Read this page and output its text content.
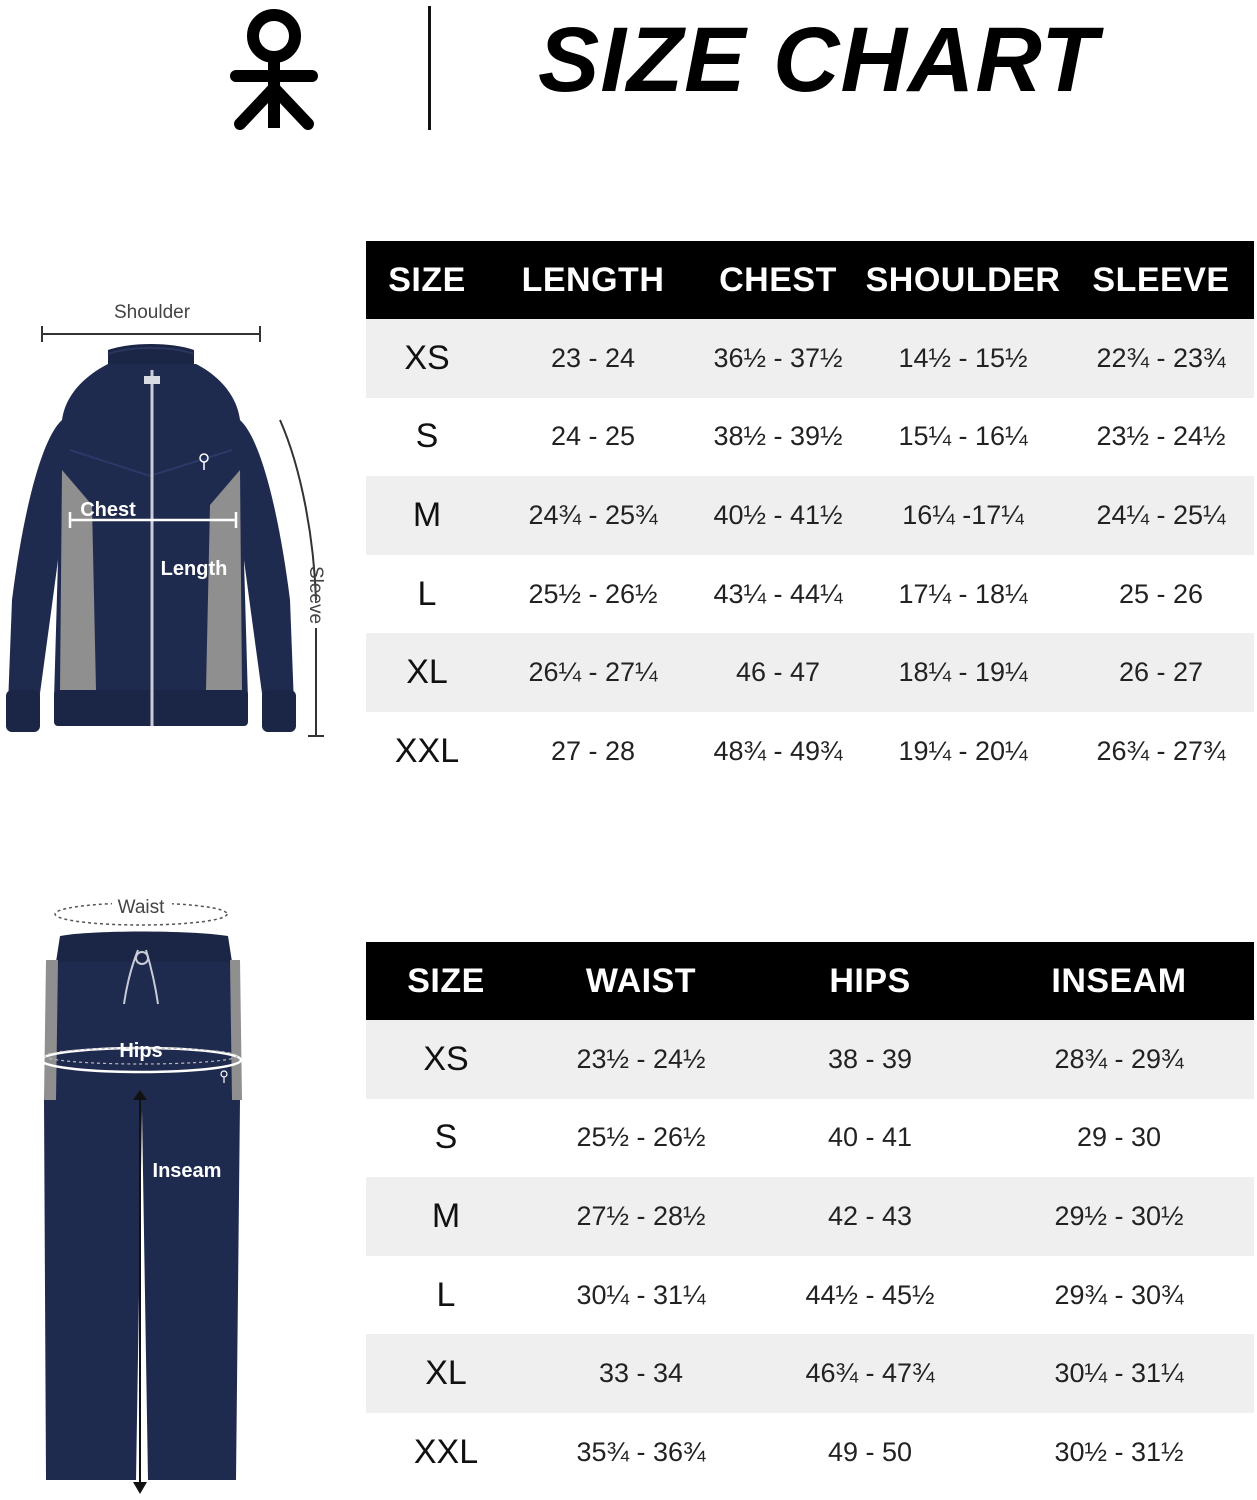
SIZE CHART
Shoulder
Chest
Length	Sleeve
Waist
Hips
Inseam
SIZE	LENGTH	CHEST	SHOULDER	SLEEVE
XS	23 - 24	36½ - 37½	14½ - 15½	22¾ - 23¾
S	24 - 25	38½ - 39½	15¼ - 16¼	23½ - 24½
M	24¾ - 25¾	40½ - 41½	16¼ -17¼	24¼ - 25¼
L	25½ - 26½	43¼ - 44¼	17¼ - 18¼	25 - 26
XL	26¼ - 27¼	46 - 47	18¼ - 19¼	26 - 27
XXL	27 - 28	48¾ - 49¾	19¼ - 20¼	26¾ - 27¾
SIZE	WAIST	HIPS	INSEAM
XS	23½ - 24½	38 - 39	28¾ - 29¾
S	25½ - 26½	40 - 41	29 - 30
M	27½ - 28½	42 - 43	29½ - 30½
L	30¼ - 31¼	44½ - 45½	29¾ - 30¾
XL	33 - 34	46¾ - 47¾	30¼ - 31¼
XXL	35¾ - 36¾	49 - 50	30½ - 31½
